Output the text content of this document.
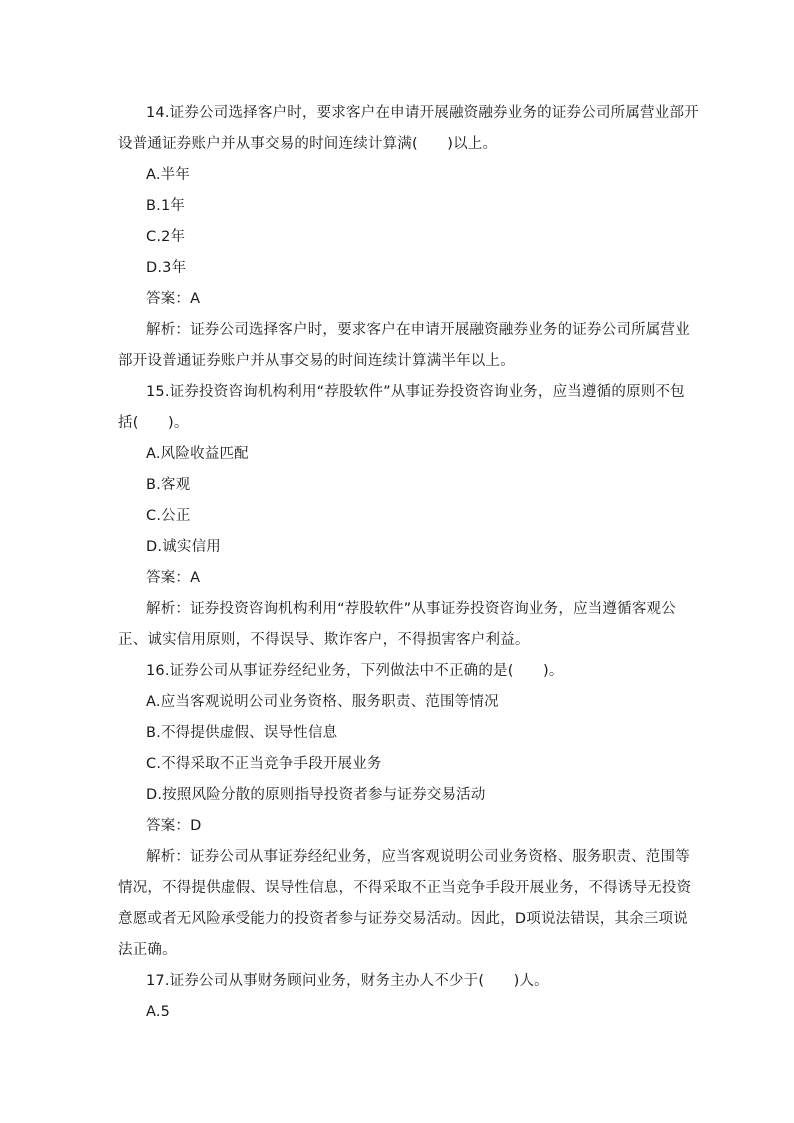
14.证券公司选择客户时，要求客户在申请开展融资融券业务的证券公司所属营业部开
设普通证券账户并从事交易的时间连续计算满(　　)以上。
A.半年
B.1年
C.2年
D.3年
答案：A
解析：证券公司选择客户时，要求客户在申请开展融资融券业务的证券公司所属营业
部开设普通证券账户并从事交易的时间连续计算满半年以上。
15.证券投资咨询机构利用“荐股软件”从事证券投资咨询业务，应当遵循的原则不包
括(　　)。
A.风险收益匹配
B.客观
C.公正
D.诚实信用
答案：A
解析：证券投资咨询机构利用“荐股软件”从事证券投资咨询业务，应当遵循客观公
正、诚实信用原则，不得误导、欺诈客户，不得损害客户利益。
16.证券公司从事证券经纪业务，下列做法中不正确的是(　　)。
A.应当客观说明公司业务资格、服务职责、范围等情况
B.不得提供虚假、误导性信息
C.不得采取不正当竞争手段开展业务
D.按照风险分散的原则指导投资者参与证券交易活动
答案：D
解析：证券公司从事证券经纪业务，应当客观说明公司业务资格、服务职责、范围等
情况，不得提供虚假、误导性信息，不得采取不正当竞争手段开展业务，不得诱导无投资
意愿或者无风险承受能力的投资者参与证券交易活动。因此，D项说法错误，其余三项说
法正确。
17.证券公司从事财务顾问业务，财务主办人不少于(　　)人。
A.5
